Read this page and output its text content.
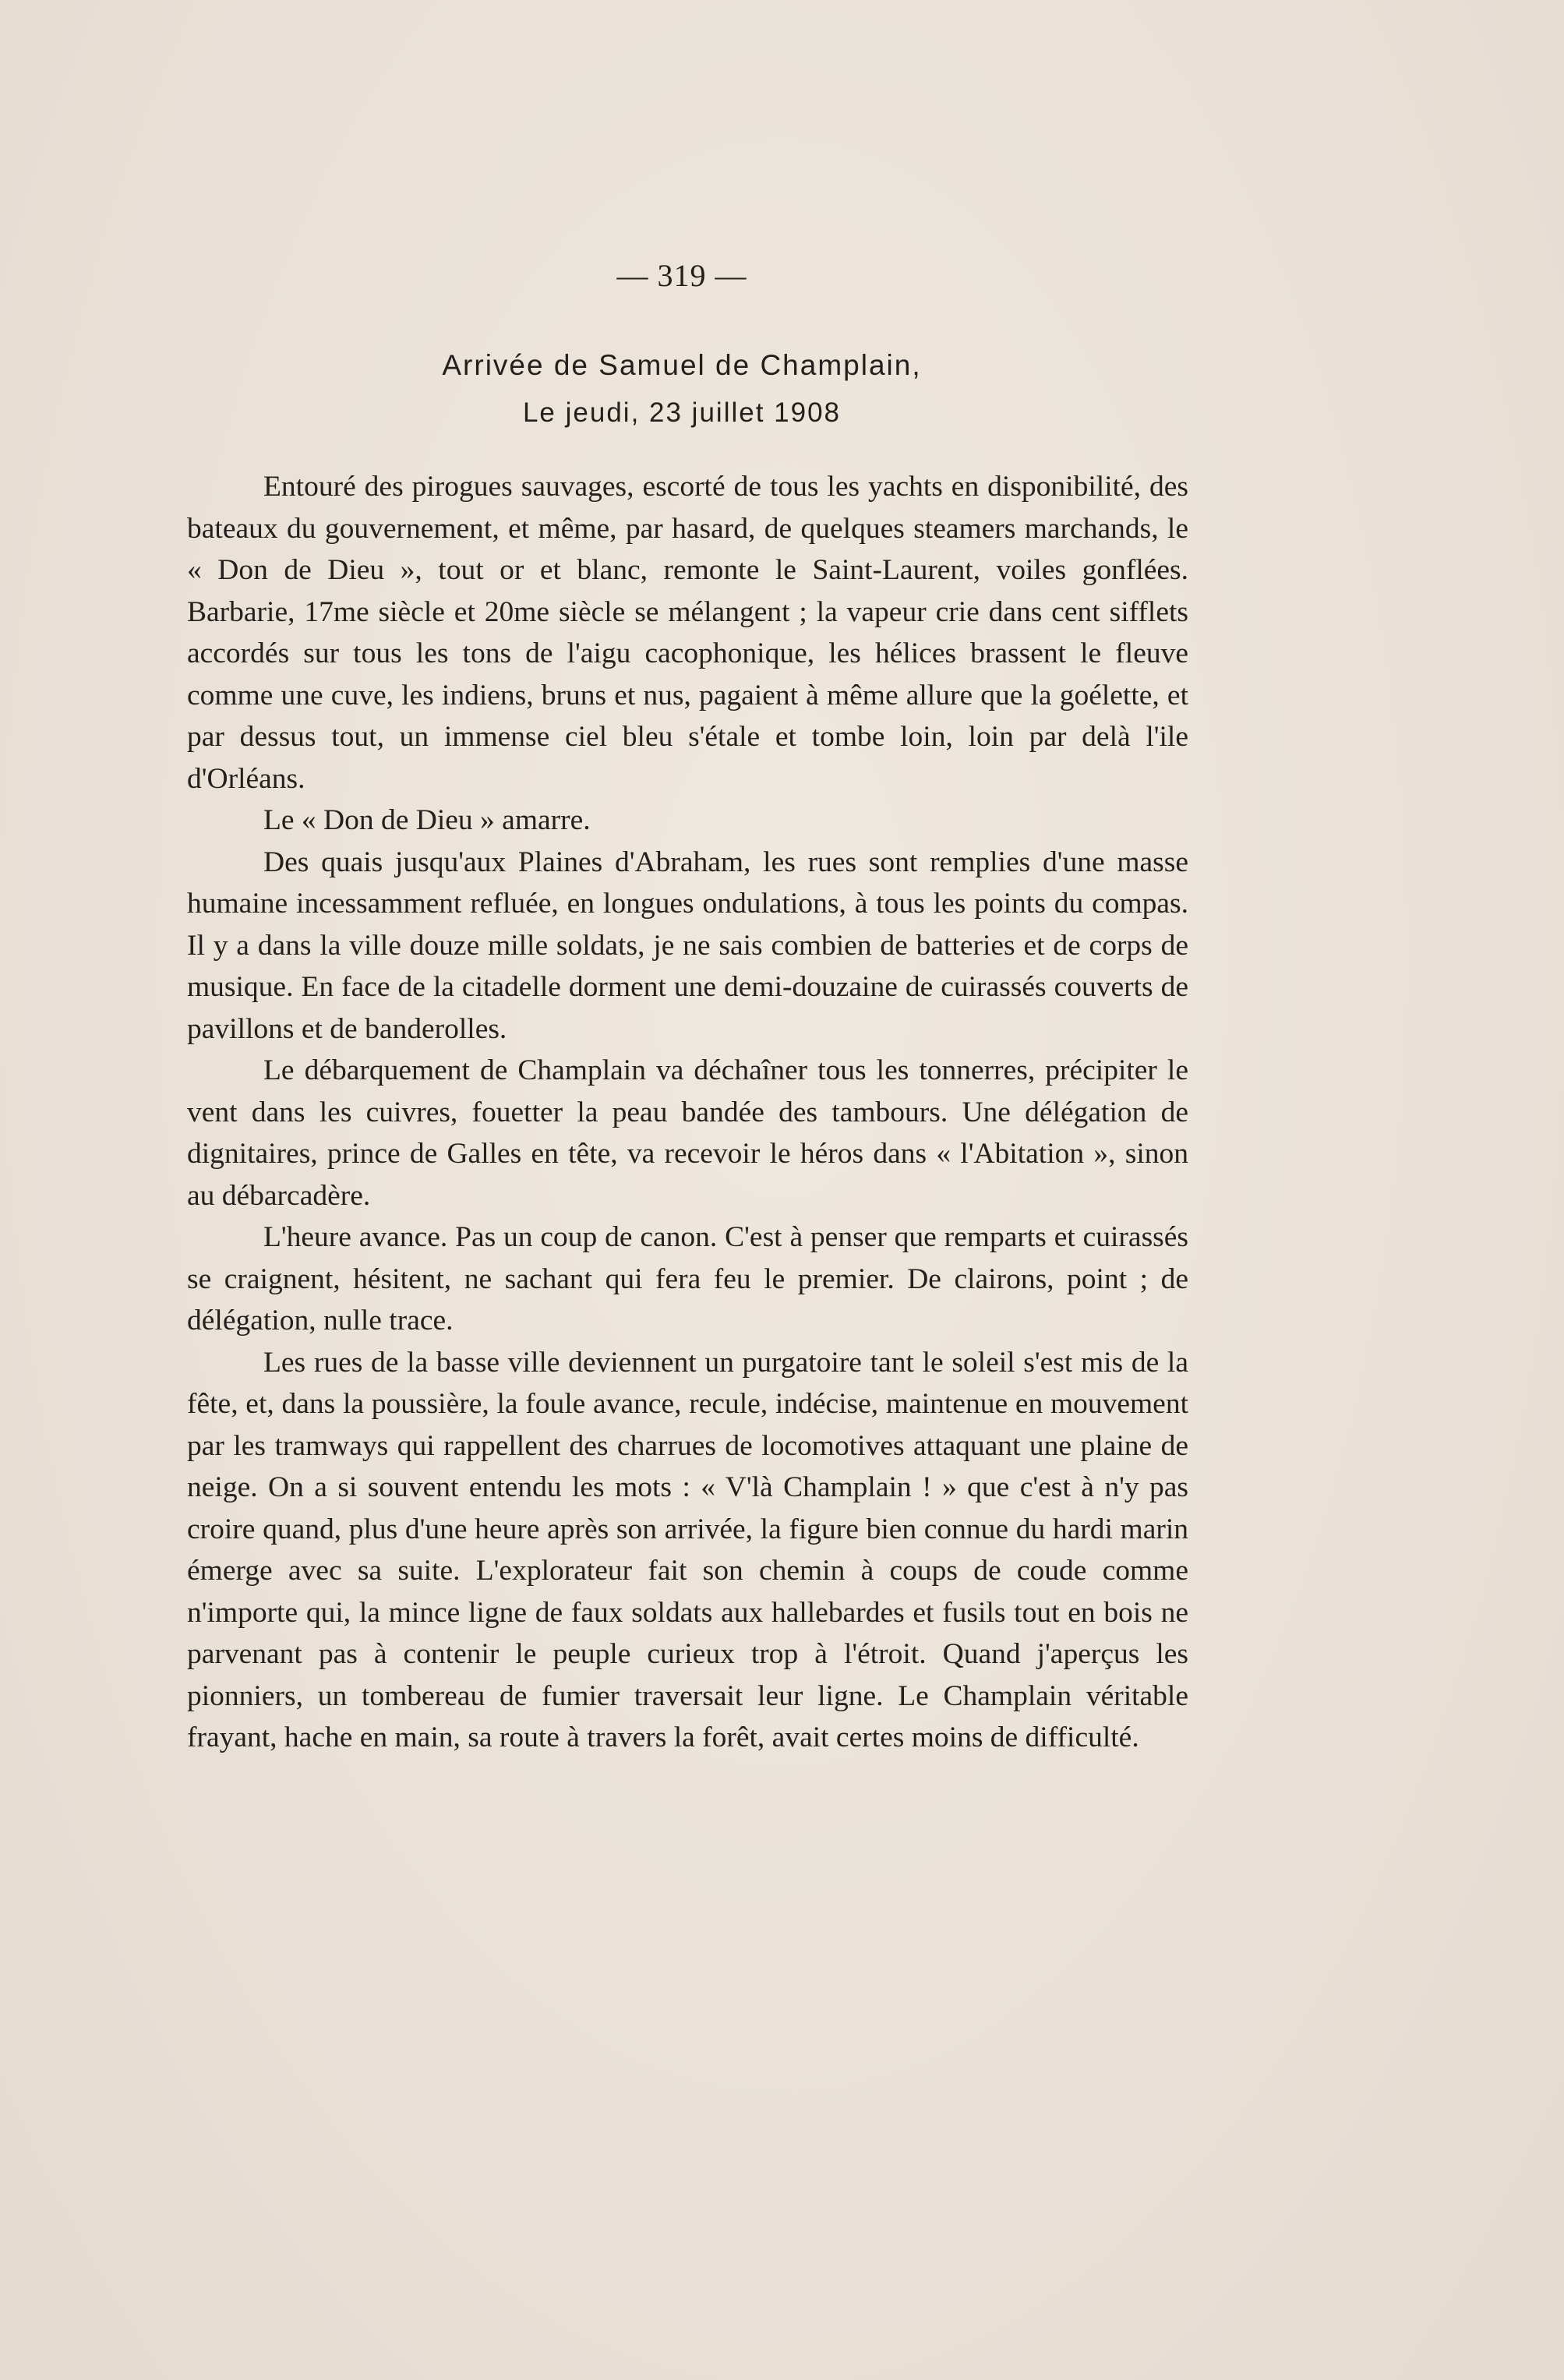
— 319 —
Arrivée de Samuel de Champlain,
Le jeudi, 23 juillet 1908

Entouré des pirogues sauvages, escorté de tous les yachts en disponibilité, des bateaux du gouvernement, et même, par hasard, de quelques steamers marchands, le « Don de Dieu », tout or et blanc, remonte le Saint-Laurent, voiles gonflées. Barbarie, 17me siècle et 20me siècle se mélangent ; la vapeur crie dans cent sifflets accordés sur tous les tons de l'aigu cacophonique, les hélices brassent le fleuve comme une cuve, les indiens, bruns et nus, pagaient à même allure que la goélette, et par dessus tout, un immense ciel bleu s'étale et tombe loin, loin par delà l'ile d'Orléans.

Le « Don de Dieu » amarre.

Des quais jusqu'aux Plaines d'Abraham, les rues sont remplies d'une masse humaine incessamment refluée, en longues ondulations, à tous les points du compas. Il y a dans la ville douze mille soldats, je ne sais combien de batteries et de corps de musique. En face de la citadelle dorment une demi-douzaine de cuirassés couverts de pavillons et de banderolles.

Le débarquement de Champlain va déchaîner tous les tonnerres, précipiter le vent dans les cuivres, fouetter la peau bandée des tambours. Une délégation de dignitaires, prince de Galles en tête, va recevoir le héros dans « l'Abitation », sinon au débarcadère.

L'heure avance. Pas un coup de canon. C'est à penser que remparts et cuirassés se craignent, hésitent, ne sachant qui fera feu le premier. De clairons, point ; de délégation, nulle trace.

Les rues de la basse ville deviennent un purgatoire tant le soleil s'est mis de la fête, et, dans la poussière, la foule avance, recule, indécise, maintenue en mouvement par les tramways qui rappellent des charrues de locomotives attaquant une plaine de neige. On a si souvent entendu les mots : « V'là Champlain ! » que c'est à n'y pas croire quand, plus d'une heure après son arrivée, la figure bien connue du hardi marin émerge avec sa suite. L'explorateur fait son chemin à coups de coude comme n'importe qui, la mince ligne de faux soldats aux hallebardes et fusils tout en bois ne parvenant pas à contenir le peuple curieux trop à l'étroit. Quand j'aperçus les pionniers, un tombereau de fumier traversait leur ligne. Le Champlain véritable frayant, hache en main, sa route à travers la forêt, avait certes moins de difficulté.
